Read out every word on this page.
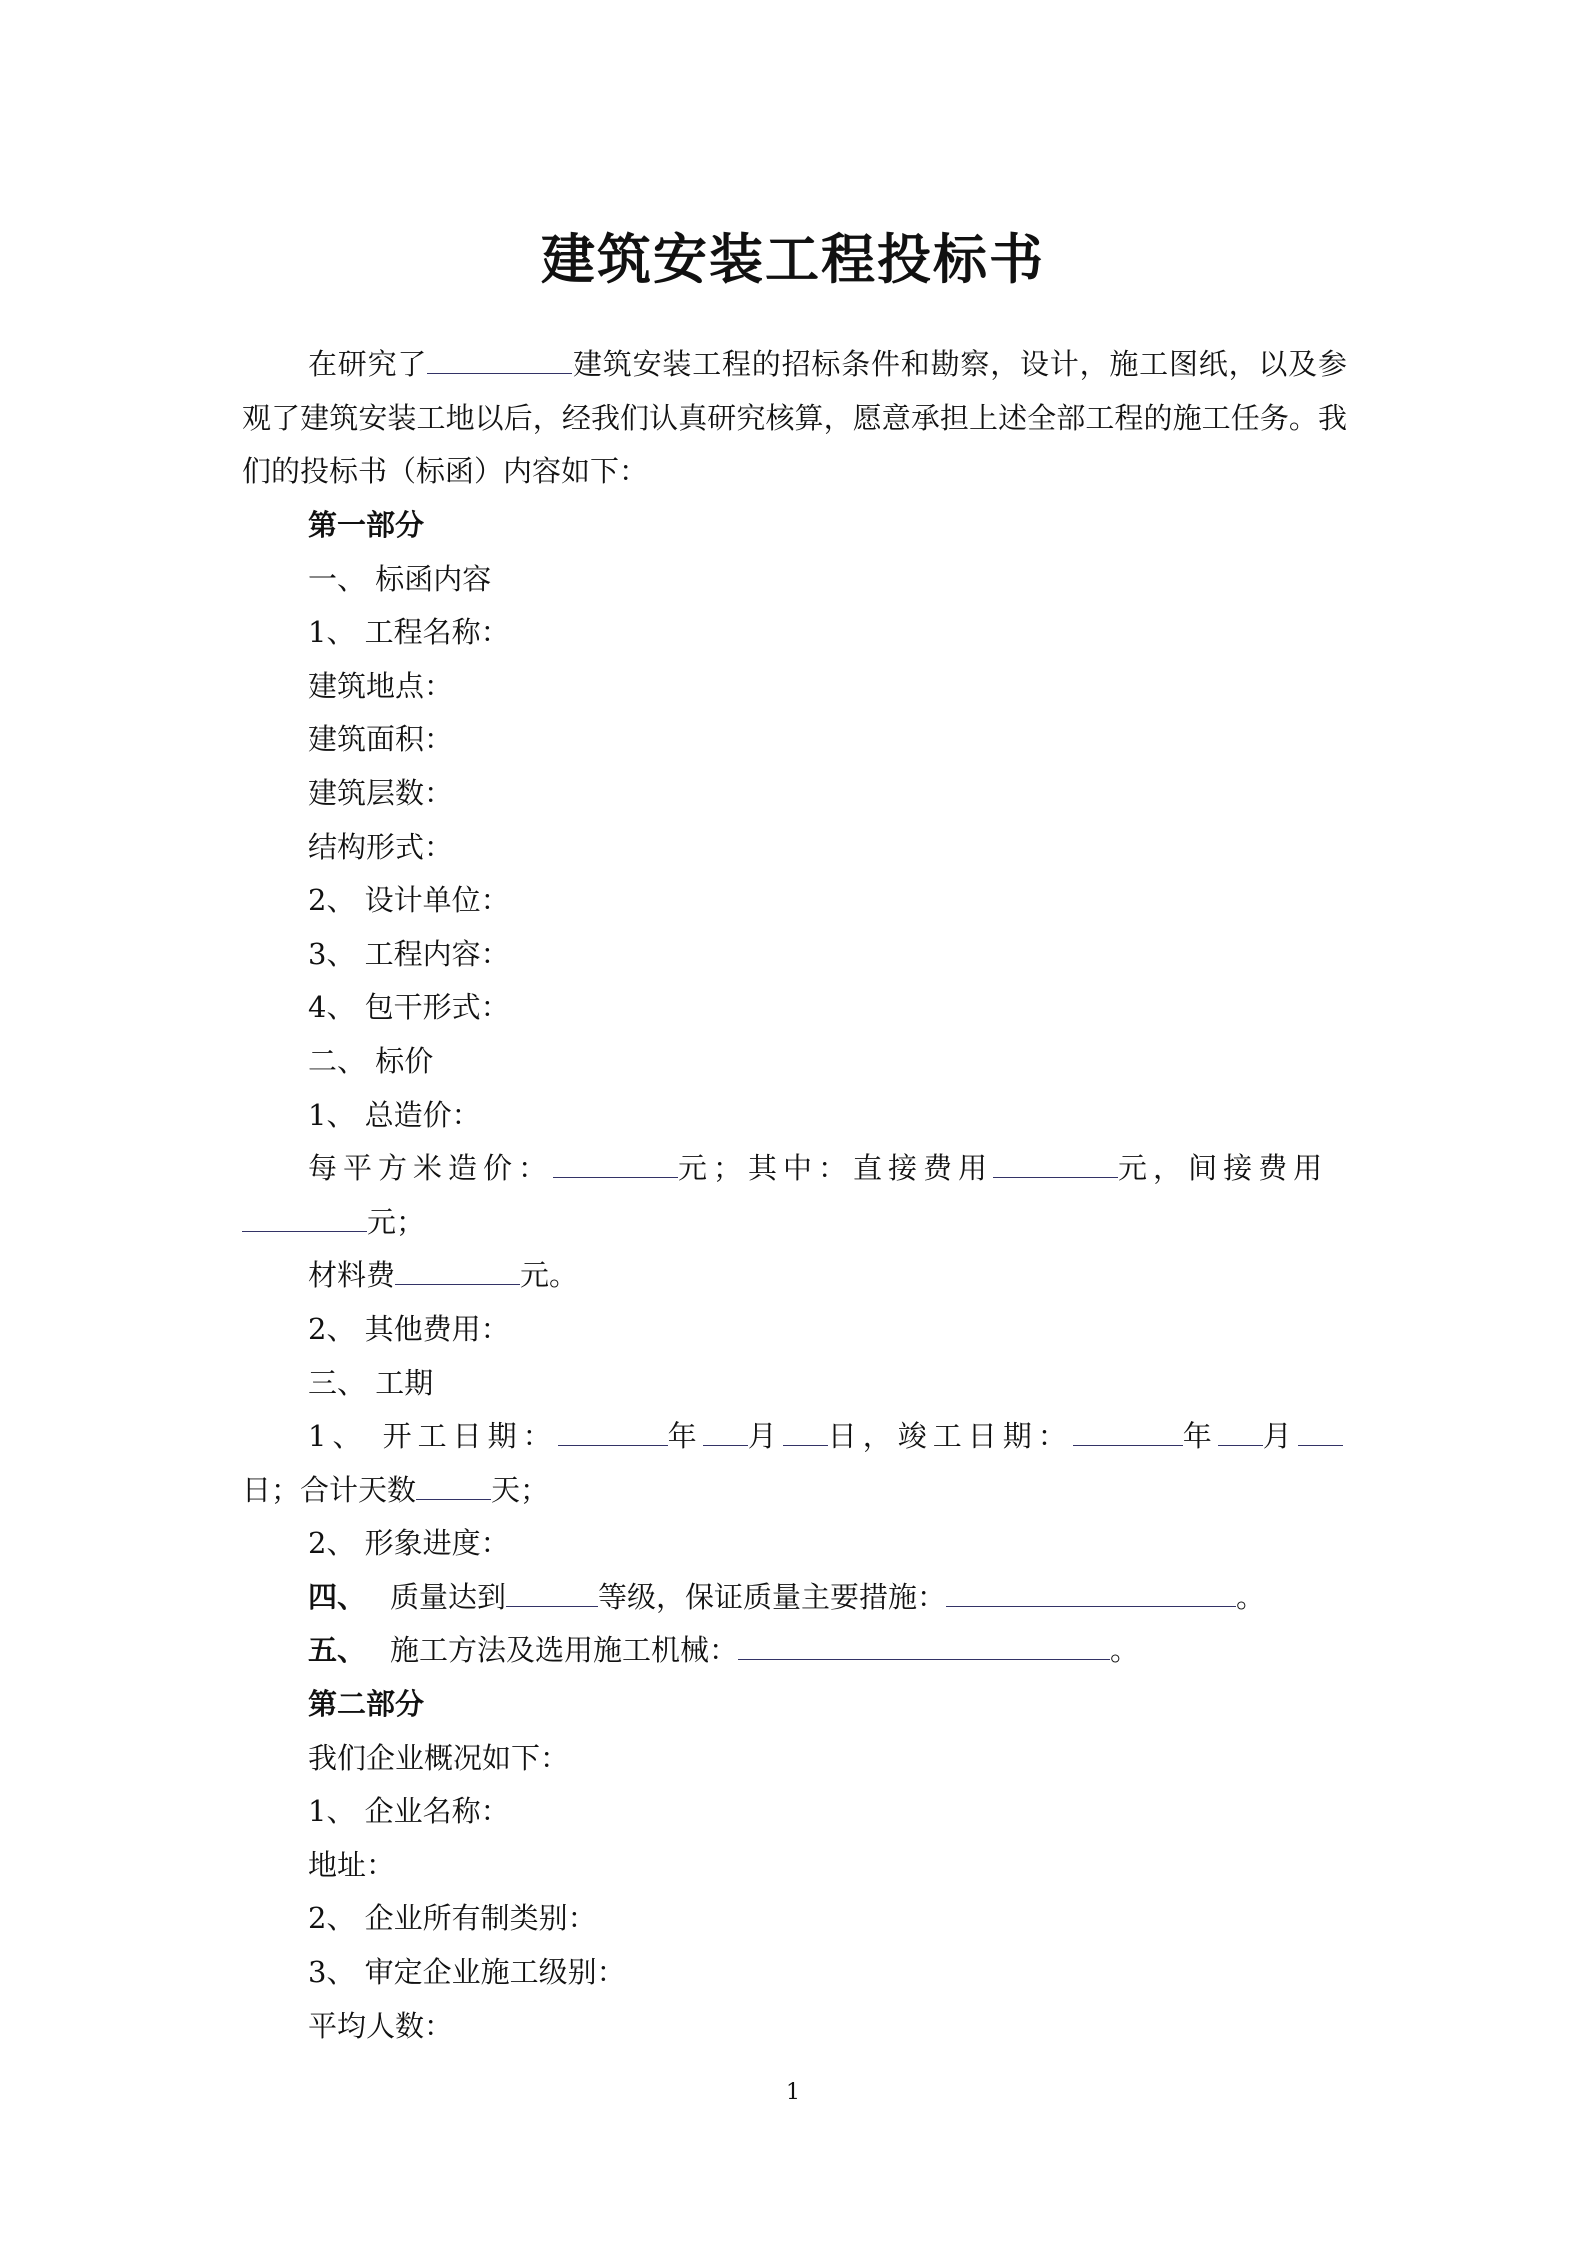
建筑安装工程投标书
在研究了	建筑安装工程的招标条件和勘察，设计，施工图纸，以及参观了建筑安装工地以后，经我们认真研究核算，愿意承担上述全部工程的施工任务。我们的投标书（标函）内容如下：
第一部分
一、 标函内容
1、 工程名称：
建筑地点：
建筑面积：
建筑层数：
结构形式：
2、 设计单位：
3、 工程内容：
4、 包干形式：
二、 标价
1、 总造价：
每平方米造价：	元；其中：直接费用	元，间接费用
元；
材料费	元。
2、 其他费用：
三、 工期
1、 开工日期：	年 月 日，竣工日期：	年 月
日；合计天数	天；
2、 形象进度：
四、 质量达到	等级，保证质量主要措施：	。
五、 施工方法及选用施工机械：	。
第二部分
我们企业概况如下：
1、 企业名称：
地址：
2、 企业所有制类别：
3、 审定企业施工级别：
平均人数：
1
